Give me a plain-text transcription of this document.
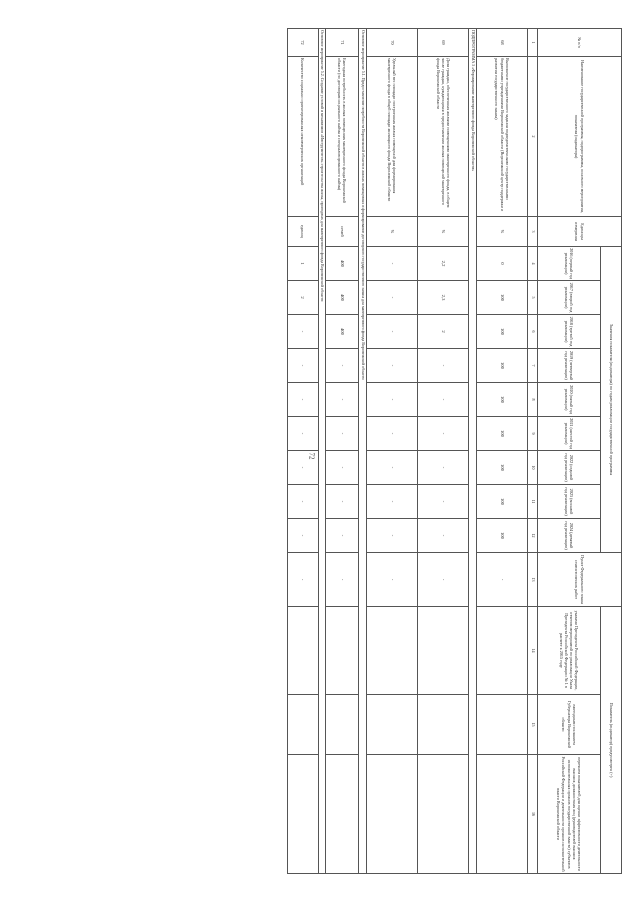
72
№ п/п	Наименование государственной программы, подпрограммы, основного мероприятия, показателя (индикатора)	Единицы измерения	Значения показателя (индикатора) по годам реализации государственной программы									Пункт Федерального плана статистических работ	Показатель (индикатор) предусмотрен (+)		
			2016 (первый год реализации)	2017 (второй год реализации)	2018 (третий год реализации)	2019 (четвертый год реализации)	2020 (пятый год реализации)	2021 (шестой год реализации)	2022 (седьмой год реализации)	2023 (восьмой год реализации)	2024 (девятый год реализации)		указами Президента Российской Федерации, отчетом мероприятий по реализации Указа Президента Российской Федерации № 1 в расчете к 2015 году	ежегодным посланием Губернатора Воронежской области	перечнем показателей для оценки эффективности деятельности высших должностных лиц (руководителей высших исполнительных органов государственной власти) субъектов Российской Федерации и деятельности органов исполнительной власти Воронежской области
1	2	3	4	5	6	7	8	9	10	11	12	13	14	15	16
68	Выполнение государственного задания подведомственными государственными бюджетными учреждениями Воронежской области (Воронежский центр поддержки и развития государственного заказа)	%	0	100	100	100	100	100	100	100	100	-			
ПОДПРОГРАММА 5 «Формирование маневренного фонда Воронежской области»															
69	Доля граждан, обеспеченных жилыми помещениями маневренного фонда, в общем числе граждан, нуждающихся в предоставлении жилых помещений маневренного фонда Воронежской области	%	2,2	2,3	2	-	-	-	-	-	-	-			
70	Удельный вес площади построенных жилых помещений для формирования маневренного фонда в общей площади жилищного фонда Воронежской области	%	-	-	-	-	-	-	-	-	-	-			
Основное мероприятие 5.1. Предоставление потребности Воронежской области в жилых помещениях и формирование договорного государственного запаса для маневренного фонда Воронежской области															
71	Ежегодная потребность в жилых помещениях маневренного фонда Воронежской области (по договорам социального найма и специализированного найма)	семей	400	400	400	-	-	-	-	-	-	-			
Основное мероприятие 5.2. Создание условий и механизмов «Инструментов» строительства жилья, пригодных для маневренного фонда Воронежской области															
72	Количество социально ориентированных некоммерческих организаций	единиц	1	2	-	-	-	-	-	-	-	-			
